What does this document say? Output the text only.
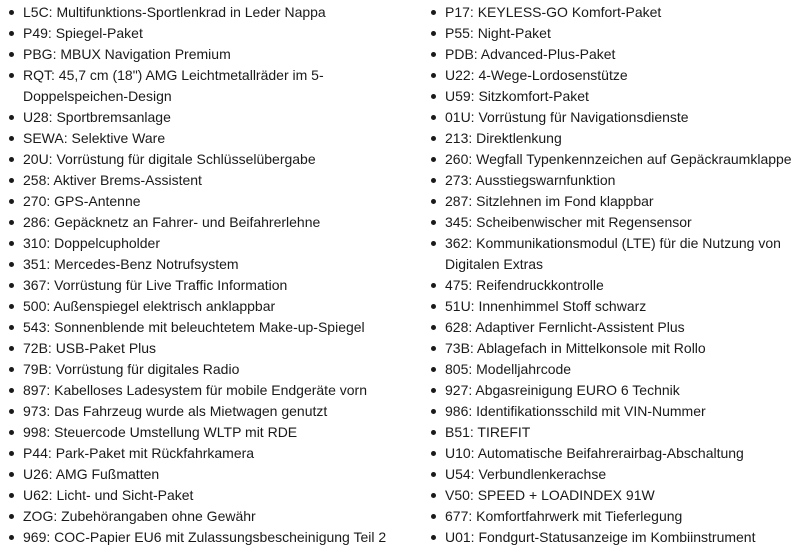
L5C: Multifunktions-Sportlenkrad in Leder Nappa
P49: Spiegel-Paket
PBG: MBUX Navigation Premium
RQT: 45,7 cm (18") AMG Leichtmetallräder im 5-Doppelspeichen-Design
U28: Sportbremsanlage
SEWA: Selektive Ware
20U: Vorrüstung für digitale Schlüsselübergabe
258: Aktiver Brems-Assistent
270: GPS-Antenne
286: Gepäcknetz an Fahrer- und Beifahrerlehne
310: Doppelcupholder
351: Mercedes-Benz Notrufsystem
367: Vorrüstung für Live Traffic Information
500: Außenspiegel elektrisch anklappbar
543: Sonnenblende mit beleuchtetem Make-up-Spiegel
72B: USB-Paket Plus
79B: Vorrüstung für digitales Radio
897: Kabelloses Ladesystem für mobile Endgeräte vorn
973: Das Fahrzeug wurde als Mietwagen genutzt
998: Steuercode Umstellung WLTP mit RDE
P44: Park-Paket mit Rückfahrkamera
U26: AMG Fußmatten
U62: Licht- und Sicht-Paket
ZOG: Zubehörangaben ohne Gewähr
969: COC-Papier EU6 mit Zulassungsbescheinigung Teil 2
P17: KEYLESS-GO Komfort-Paket
P55: Night-Paket
PDB: Advanced-Plus-Paket
U22: 4-Wege-Lordosenstütze
U59: Sitzkomfort-Paket
01U: Vorrüstung für Navigationsdienste
213: Direktlenkung
260: Wegfall Typenkennzeichen auf Gepäckraumklappe
273: Ausstiegswarnfunktion
287: Sitzlehnen im Fond klappbar
345: Scheibenwischer mit Regensensor
362: Kommunikationsmodul (LTE) für die Nutzung von Digitalen Extras
475: Reifendruckkontrolle
51U: Innenhimmel Stoff schwarz
628: Adaptiver Fernlicht-Assistent Plus
73B: Ablagefach in Mittelkonsole mit Rollo
805: Modelljahrcode
927: Abgasreinigung EURO 6 Technik
986: Identifikationsschild mit VIN-Nummer
B51: TIREFIT
U10: Automatische Beifahrerairbag-Abschaltung
U54: Verbundlenkerachse
V50: SPEED + LOADINDEX 91W
677: Komfortfahrwerk mit Tieferlegung
U01: Fondgurt-Statusanzeige im Kombiinstrument
